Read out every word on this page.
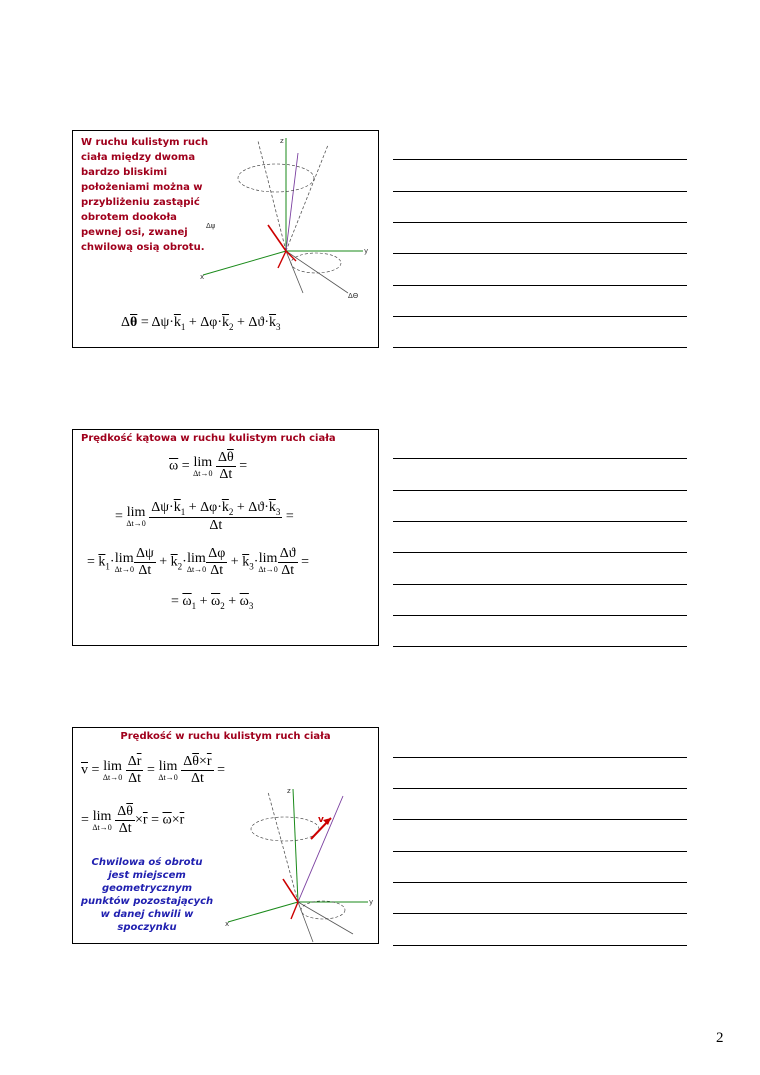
W ruchu kulistym ruch
ciała między dwoma
bardzo bliskimi
położeniami można w
przybliżeniu zastąpić
obrotem dookoła
pewnej osi, zwanej
chwilową osią obrotu.	y
x
z
ΔΘ
Δψ
$\Delta\overline{\theta} = \Delta\psi\cdot\overline{k}_1 + \Delta\varphi\cdot\overline{k}_2 + \Delta ϑ\cdot\overline{k}_3$
Prędkość kątowa w ruchu kulistym ruch ciała
$\overline{\omega} = \lim$
Δt→0
$\frac{\Delta\overline{\theta}}{\Delta t}$ =
= lim
Δt→0
$\frac{\Delta\psi\cdot\overline{k}_1 + \Delta\varphi\cdot\overline{k}_2 + \Delta ϑ\cdot\overline{k}_3}{\Delta t}$ =
= $\overline{k}_1\cdot\lim$
$\Delta t\to 0 \frac{\Delta\psi}{\Delta t} + \overline{k}_2\cdot\lim$
$\Delta t\to 0 \frac{\Delta\varphi}{\Delta t} + \overline{k}_3\cdot\lim$
$\Delta t\to 0 \frac{\Delta ϑ}{\Delta t}$ =
= $\overline{\omega}_1 + \overline{\omega}_2 + \overline{\omega}_3$
Prędkość w ruchu kulistym ruch ciała
$\overline{v} = \lim$
Δt→0
$\frac{\Delta\overline{r}}{\Delta t} = \lim$
Δt→0
$\frac{\Delta\overline{\theta}\times\overline{r}}{\Delta t}$ =
= lim
Δt→0
$\frac{\Delta\overline{\theta}}{\Delta t} \times\overline{r} = \overline{\omega}\times\overline{r}$
Chwilowa oś obrotu
jest miejscem
geometrycznym
punktów pozostających
w danej chwili w
spoczynku
y
x
z
v
2
